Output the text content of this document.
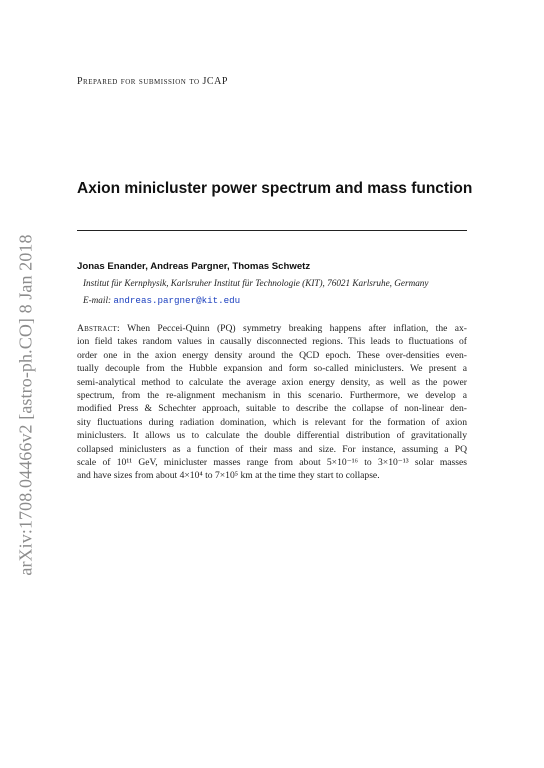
arXiv:1708.04466v2 [astro-ph.CO] 8 Jan 2018
Prepared for submission to JCAP
Axion minicluster power spectrum and mass function
Jonas Enander, Andreas Pargner, Thomas Schwetz
Institut für Kernphysik, Karlsruher Institut für Technologie (KIT), 76021 Karlsruhe, Germany
E-mail: andreas.pargner@kit.edu
Abstract: When Peccei-Quinn (PQ) symmetry breaking happens after inflation, the ax-
ion field takes random values in causally disconnected regions. This leads to fluctuations of
order one in the axion energy density around the QCD epoch. These over-densities even-
tually decouple from the Hubble expansion and form so-called miniclusters. We present a
semi-analytical method to calculate the average axion energy density, as well as the power
spectrum, from the re-alignment mechanism in this scenario. Furthermore, we develop a
modified Press & Schechter approach, suitable to describe the collapse of non-linear den-
sity fluctuations during radiation domination, which is relevant for the formation of axion
miniclusters. It allows us to calculate the double differential distribution of gravitationally
collapsed miniclusters as a function of their mass and size. For instance, assuming a PQ
scale of 10¹¹ GeV, minicluster masses range from about 5×10⁻¹⁶ to 3×10⁻¹³ solar masses
and have sizes from about 4×10⁴ to 7×10⁵ km at the time they start to collapse.
